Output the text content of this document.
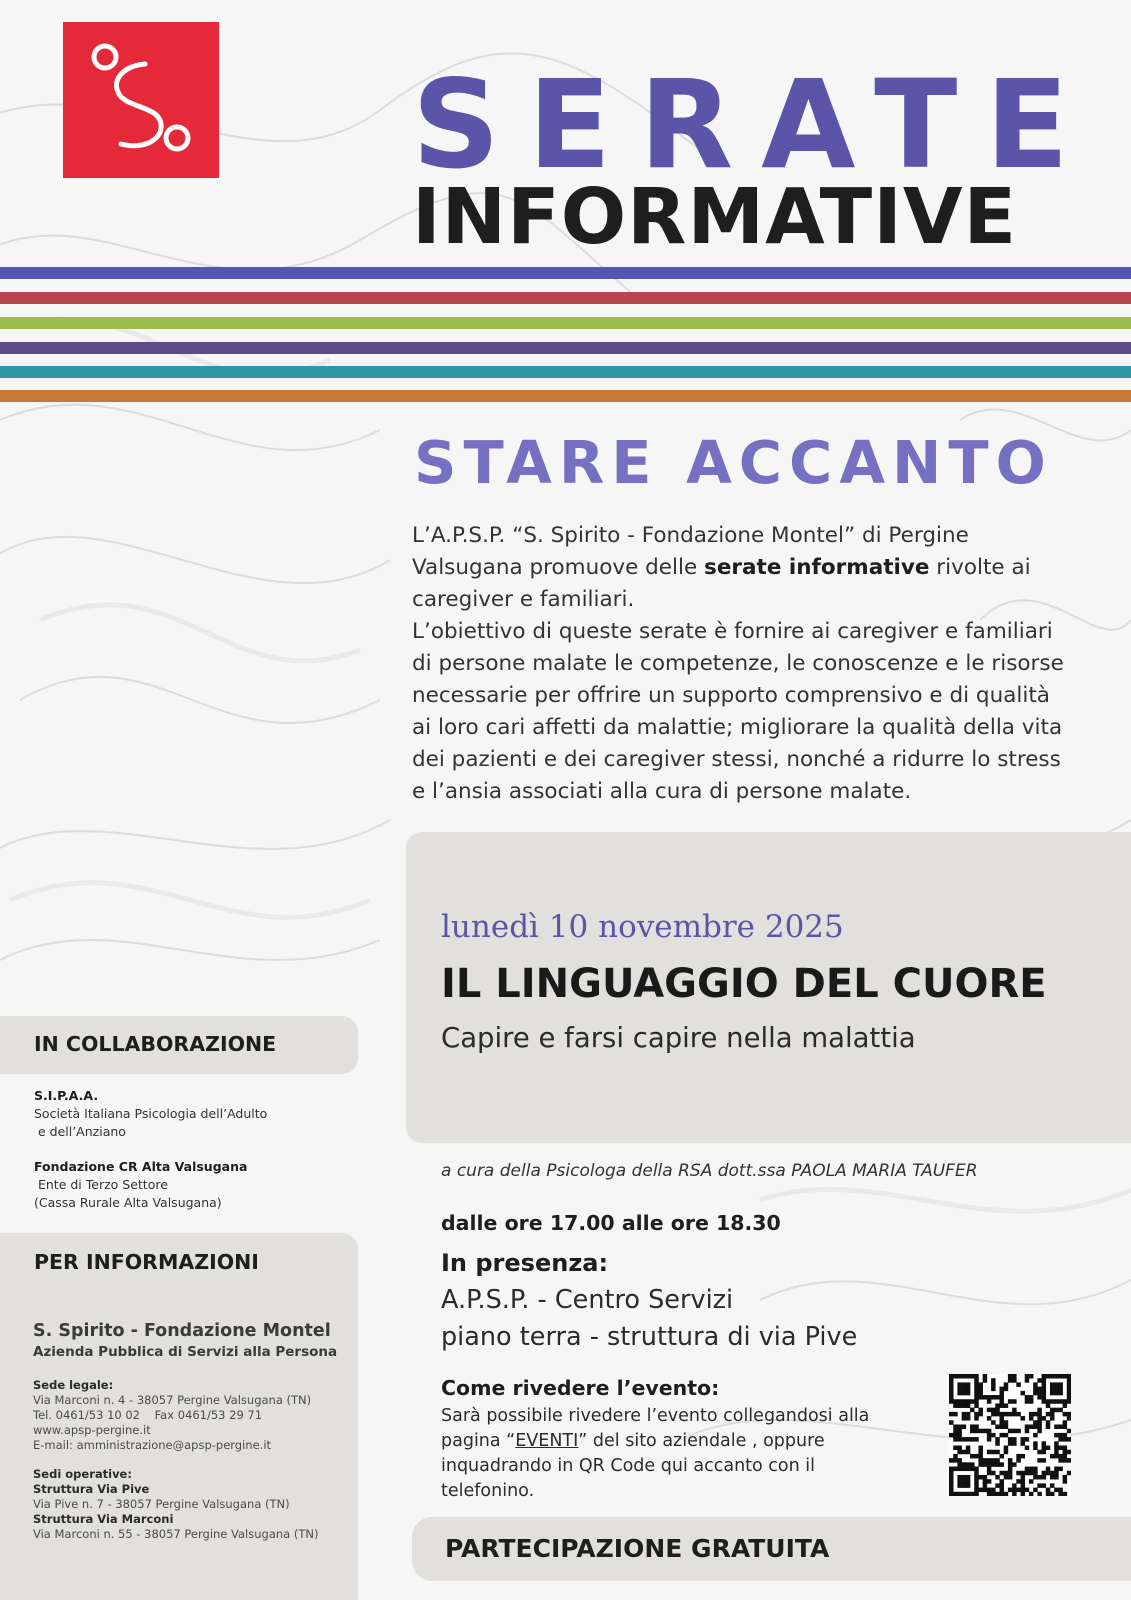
SERATE
INFORMATIVE
STARE ACCANTO

L’A.P.S.P. “S. Spirito - Fondazione Montel” di Pergine Valsugana promuove delle serate informative rivolte ai caregiver e familiari.

L’obiettivo di queste serate è fornire ai caregiver e familiari di persone malate le competenze, le conoscenze e le risorse necessarie per offrire un supporto comprensivo e di qualità ai loro cari affetti da malattie; migliorare la qualità della vita dei pazienti e dei caregiver stessi, nonché a ridurre lo stress e l’ansia associati alla cura di persone malate.

lunedì 10 novembre 2025
IL LINGUAGGIO DEL CUORE
Capire e farsi capire nella malattia
a cura della Psicologa della RSA dott.ssa PAOLA MARIA TAUFER
dalle ore 17.00 alle ore 18.30
In presenza:
A.P.S.P. - Centro Servizi
piano terra - struttura di via Pive
Come rivedere l’evento:
Sarà possibile rivedere l’evento collegandosi alla pagina “EVENTI” del sito aziendale , oppure inquadrando in QR Code qui accanto con il telefonino.
PARTECIPAZIONE GRATUITA
IN COLLABORAZIONE
S.I.P.A.A.
Società Italiana Psicologia dell’Adulto
e dell’Anziano
Fondazione CR Alta Valsugana
Ente di Terzo Settore
(Cassa Rurale Alta Valsugana)
PER INFORMAZIONI
S. Spirito - Fondazione Montel
Azienda Pubblica di Servizi alla Persona
Sede legale:
Via Marconi n. 4 - 38057 Pergine Valsugana (TN)
Tel. 0461/53 10 02    Fax 0461/53 29 71
www.apsp-pergine.it
E-mail: amministrazione@apsp-pergine.it
Sedi operative:
Struttura Via Pive
Via Pive n. 7 - 38057 Pergine Valsugana (TN)
Struttura Via Marconi
Via Marconi n. 55 - 38057 Pergine Valsugana (TN)
